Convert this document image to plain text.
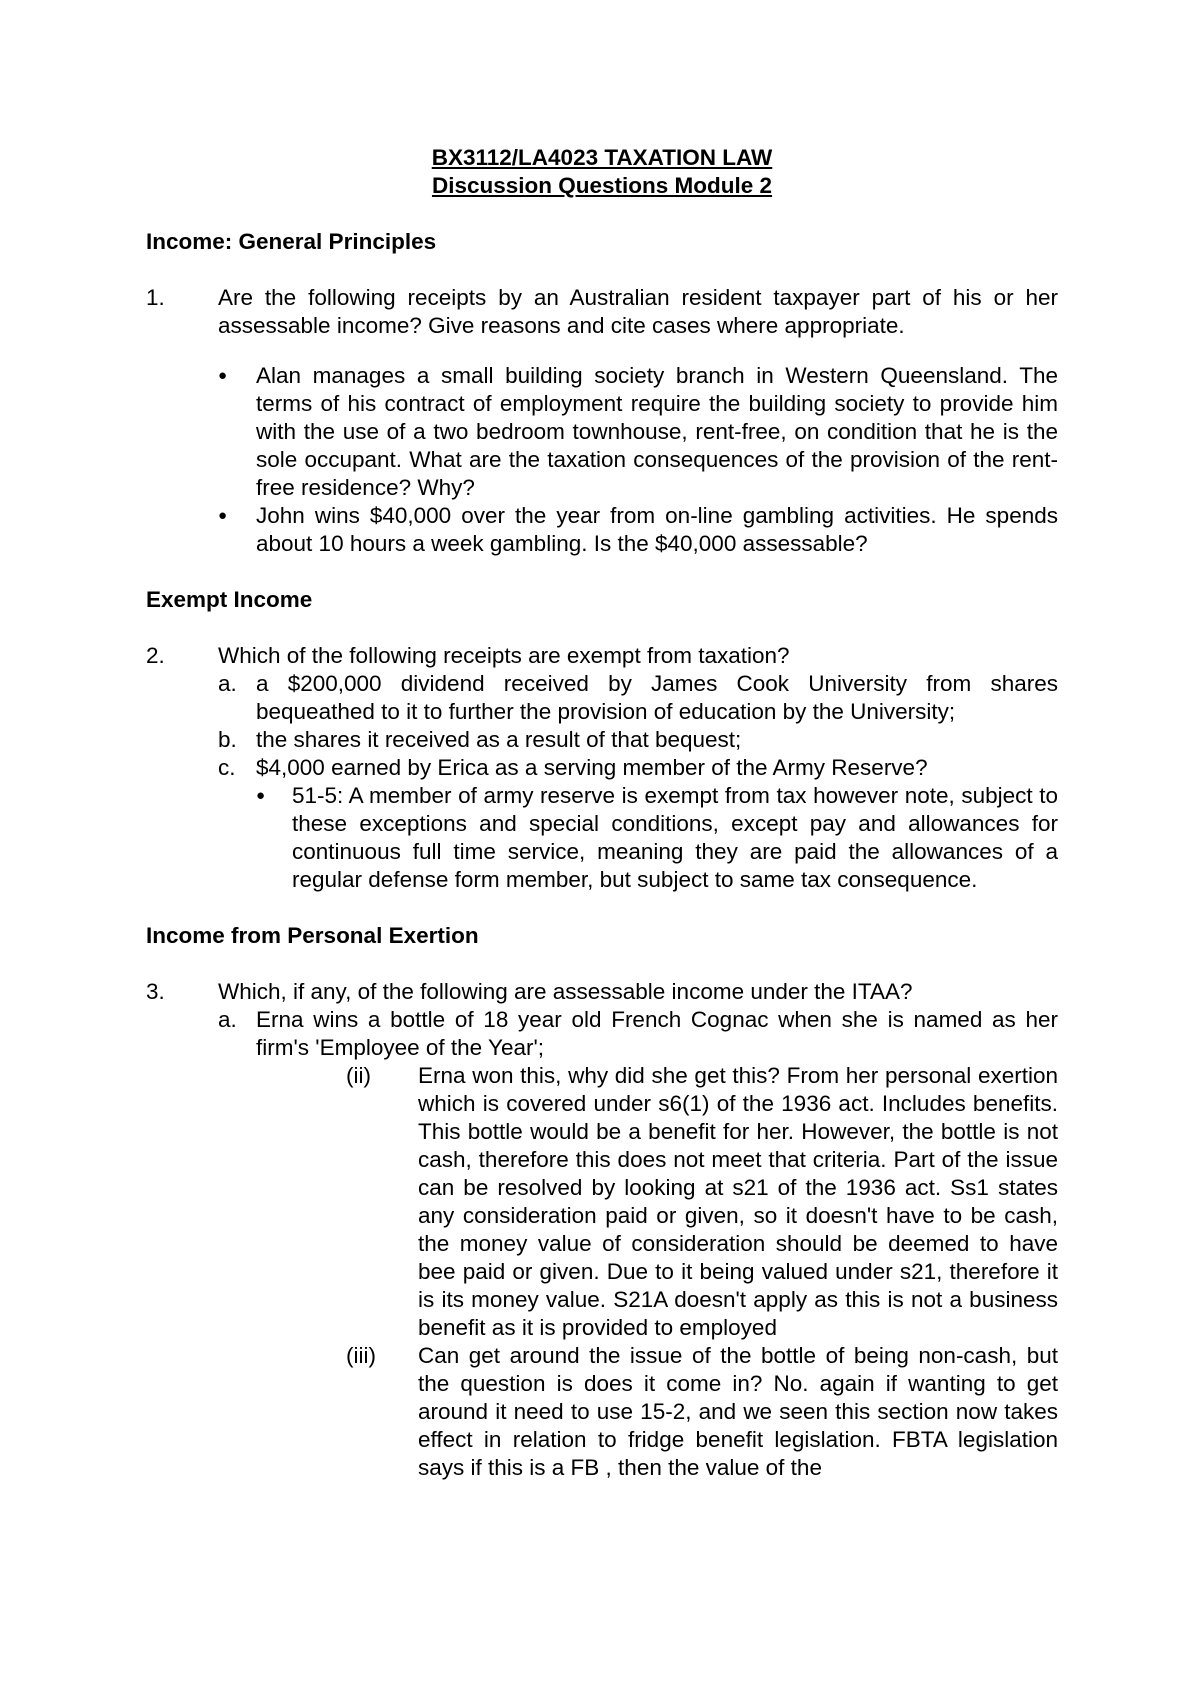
BX3112/LA4023 TAXATION LAW
Discussion Questions Module 2
Income: General Principles
1. Are the following receipts by an Australian resident taxpayer part of his or her assessable income? Give reasons and cite cases where appropriate.
● Alan manages a small building society branch in Western Queensland. The terms of his contract of employment require the building society to provide him with the use of a two bedroom townhouse, rent-free, on condition that he is the sole occupant. What are the taxation consequences of the provision of the rent-free residence? Why?
● John wins $40,000 over the year from on-line gambling activities. He spends about 10 hours a week gambling. Is the $40,000 assessable?
Exempt Income
2. Which of the following receipts are exempt from taxation?
a. a $200,000 dividend received by James Cook University from shares bequeathed to it to further the provision of education by the University;
b. the shares it received as a result of that bequest;
c. $4,000 earned by Erica as a serving member of the Army Reserve?
● 51-5: A member of army reserve is exempt from tax however note, subject to these exceptions and special conditions, except pay and allowances for continuous full time service, meaning they are paid the allowances of a regular defense form member, but subject to same tax consequence.
Income from Personal Exertion
3. Which, if any, of the following are assessable income under the ITAA?
a. Erna wins a bottle of 18 year old French Cognac when she is named as her firm's 'Employee of the Year';
(ii) Erna won this, why did she get this? From her personal exertion which is covered under s6(1) of the 1936 act. Includes benefits. This bottle would be a benefit for her. However, the bottle is not cash, therefore this does not meet that criteria. Part of the issue can be resolved by looking at s21 of the 1936 act. Ss1 states any consideration paid or given, so it doesn't have to be cash, the money value of consideration should be deemed to have bee paid or given. Due to it being valued under s21, therefore it is its money value. S21A doesn't apply as this is not a business benefit as it is provided to employed
(iii) Can get around the issue of the bottle of being non-cash, but the question is does it come in? No. again if wanting to get around it need to use 15-2, and we seen this section now takes effect in relation to fridge benefit legislation. FBTA legislation says if this is a FB , then the value of the
